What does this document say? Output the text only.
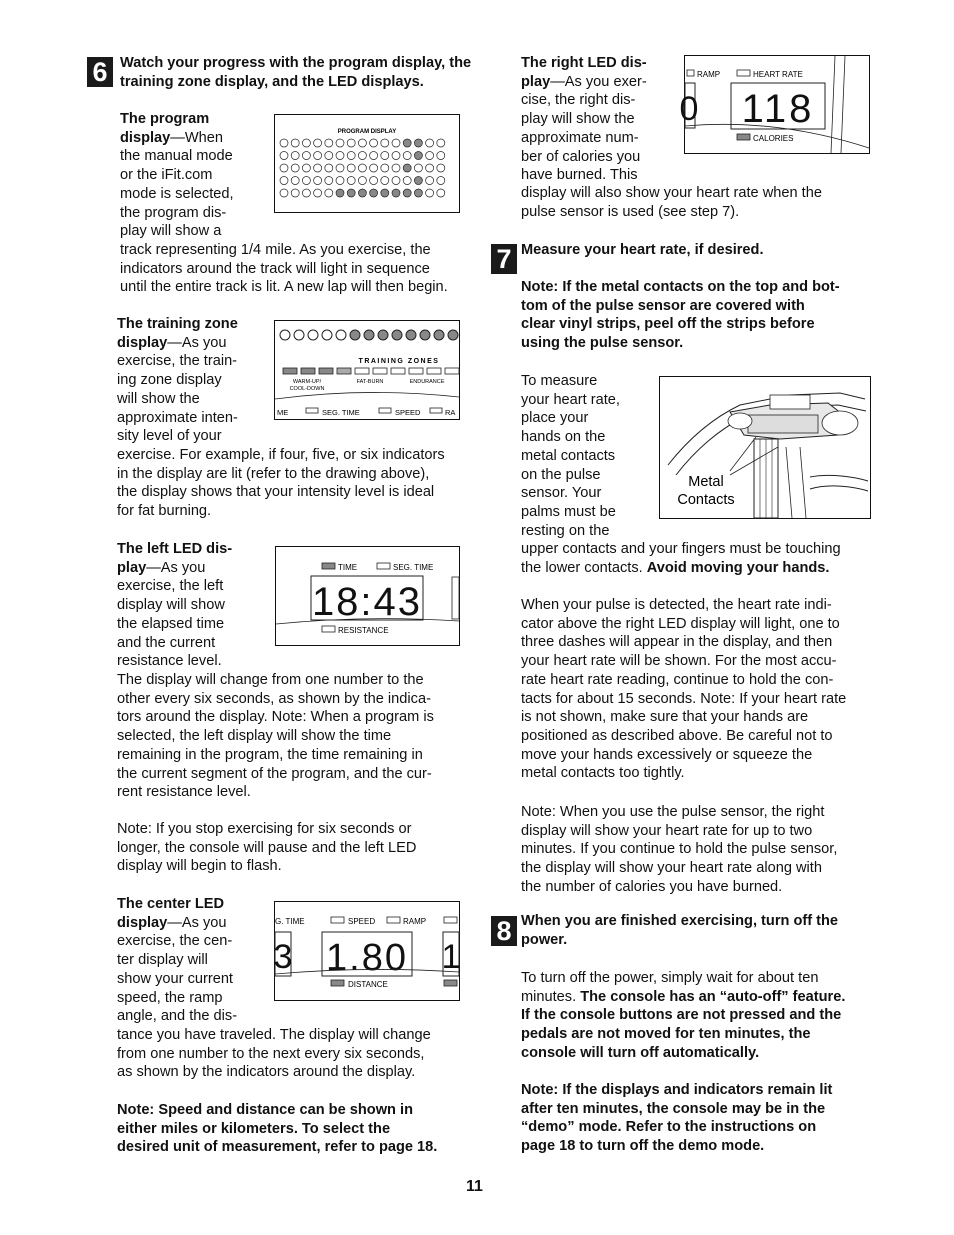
6 Watch your progress with the program display, the training zone display, and the LED displays.
The program
display—When
the manual mode
or the iFit.com
mode is selected,
the program dis-
play will show a
track representing 1/4 mile. As you exercise, the
indicators around the track will light in sequence
until the entire track is lit. A new lap will then begin.
PROGRAM DISPLAY
The training zone
display—As you
exercise, the train-
ing zone display
will show the
approximate inten-
sity level of your
exercise. For example, if four, five, or six indicators
in the display are lit (refer to the drawing above),
the display shows that your intensity level is ideal
for fat burning.
TRAINING ZONES
WARM-UP/
COOL-DOWN
FAT-BURN	ENDURANCE
ME	SEG. TIME	SPEED	RA
The left LED dis-
play—As you
exercise, the left
display will show
the elapsed time
and the current
resistance level.
The display will change from one number to the
other every six seconds, as shown by the indica-
tors around the display. Note: When a program is
selected, the left display will show the time
remaining in the program, the time remaining in
the current segment of the program, and the cur-
rent resistance level.
Note: If you stop exercising for six seconds or
longer, the console will pause and the left LED
display will begin to flash.
TIME	SEG. TIME
18:43
RESISTANCE
The center LED
display—As you
exercise, the cen-
ter display will
show your current
speed, the ramp
angle, and the dis-
tance you have traveled. The display will change
from one number to the next every six seconds,
as shown by the indicators around the display.
Note: Speed and distance can be shown in
either miles or kilometers. To select the
desired unit of measurement, refer to page 18.
G. TIME	SPEED	RAMP
3 1.80 1
DISTANCE
The right LED dis-
play—As you exer-
cise, the right dis-
play will show the
approximate num-
ber of calories you
have burned. This
display will also show your heart rate when the
pulse sensor is used (see step 7).
RAMP	HEART RATE
0 118
CALORIES
7 Measure your heart rate, if desired.
Note: If the metal contacts on the top and bot-
tom of the pulse sensor are covered with
clear vinyl strips, peel off the strips before
using the pulse sensor.
To measure
your heart rate,
place your
hands on the
metal contacts
on the pulse
sensor. Your
palms must be
resting on the
upper contacts and your fingers must be touching
the lower contacts. Avoid moving your hands.
Metal
Contacts
When your pulse is detected, the heart rate indi-
cator above the right LED display will light, one to
three dashes will appear in the display, and then
your heart rate will be shown. For the most accu-
rate heart rate reading, continue to hold the con-
tacts for about 15 seconds. Note: If your heart rate
is not shown, make sure that your hands are
positioned as described above. Be careful not to
move your hands excessively or squeeze the
metal contacts too tightly.
Note: When you use the pulse sensor, the right
display will show your heart rate for up to two
minutes. If you continue to hold the pulse sensor,
the display will show your heart rate along with
the number of calories you have burned.
8 When you are finished exercising, turn off the
power.
To turn off the power, simply wait for about ten
minutes. The console has an “auto-off” feature.
If the console buttons are not pressed and the
pedals are not moved for ten minutes, the
console will turn off automatically.
Note: If the displays and indicators remain lit
after ten minutes, the console may be in the
“demo” mode. Refer to the instructions on
page 18 to turn off the demo mode.
11
